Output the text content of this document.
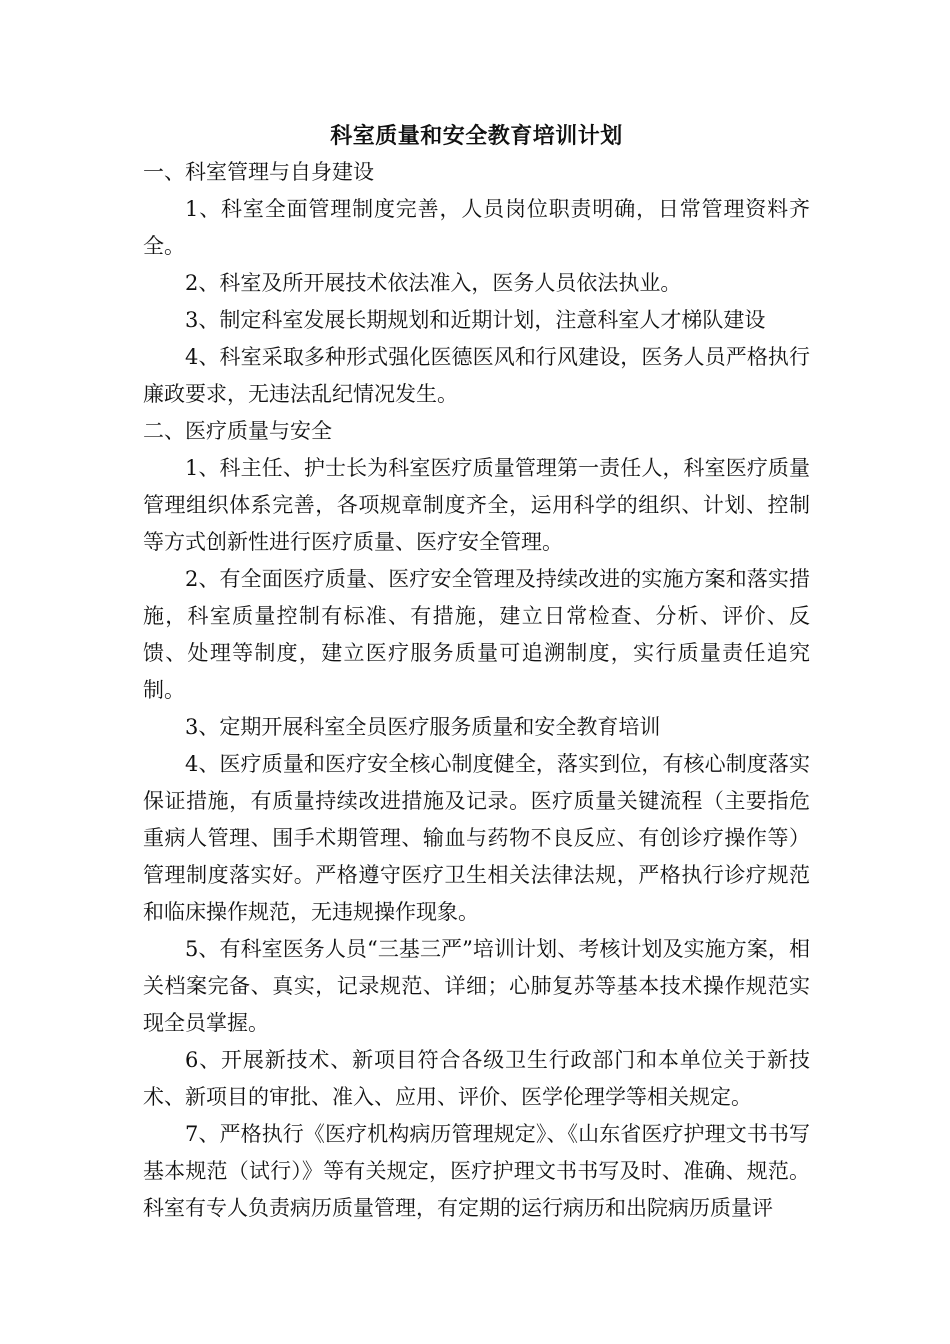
科室质量和安全教育培训计划

一、科室管理与自身建设

1、科室全面管理制度完善，人员岗位职责明确，日常管理资料齐全。

2、科室及所开展技术依法准入，医务人员依法执业。

3、制定科室发展长期规划和近期计划，注意科室人才梯队建设

4、科室采取多种形式强化医德医风和行风建设，医务人员严格执行廉政要求，无违法乱纪情况发生。

二、医疗质量与安全

1、科主任、护士长为科室医疗质量管理第一责任人，科室医疗质量管理组织体系完善，各项规章制度齐全，运用科学的组织、计划、控制等方式创新性进行医疗质量、医疗安全管理。

2、有全面医疗质量、医疗安全管理及持续改进的实施方案和落实措施，科室质量控制有标准、有措施，建立日常检查、分析、评价、反馈、处理等制度，建立医疗服务质量可追溯制度，实行质量责任追究制。

3、定期开展科室全员医疗服务质量和安全教育培训

4、医疗质量和医疗安全核心制度健全，落实到位，有核心制度落实保证措施，有质量持续改进措施及记录。医疗质量关键流程（主要指危重病人管理、围手术期管理、输血与药物不良反应、有创诊疗操作等）管理制度落实好。严格遵守医疗卫生相关法律法规，严格执行诊疗规范和临床操作规范，无违规操作现象。

5、有科室医务人员“三基三严”培训计划、考核计划及实施方案，相关档案完备、真实，记录规范、详细；心肺复苏等基本技术操作规范实现全员掌握。

6、开展新技术、新项目符合各级卫生行政部门和本单位关于新技术、新项目的审批、准入、应用、评价、医学伦理学等相关规定。

7、严格执行《医疗机构病历管理规定》、《山东省医疗护理文书书写基本规范（试行）》等有关规定，医疗护理文书书写及时、准确、规范。科室有专人负责病历质量管理，有定期的运行病历和出院病历质量评
